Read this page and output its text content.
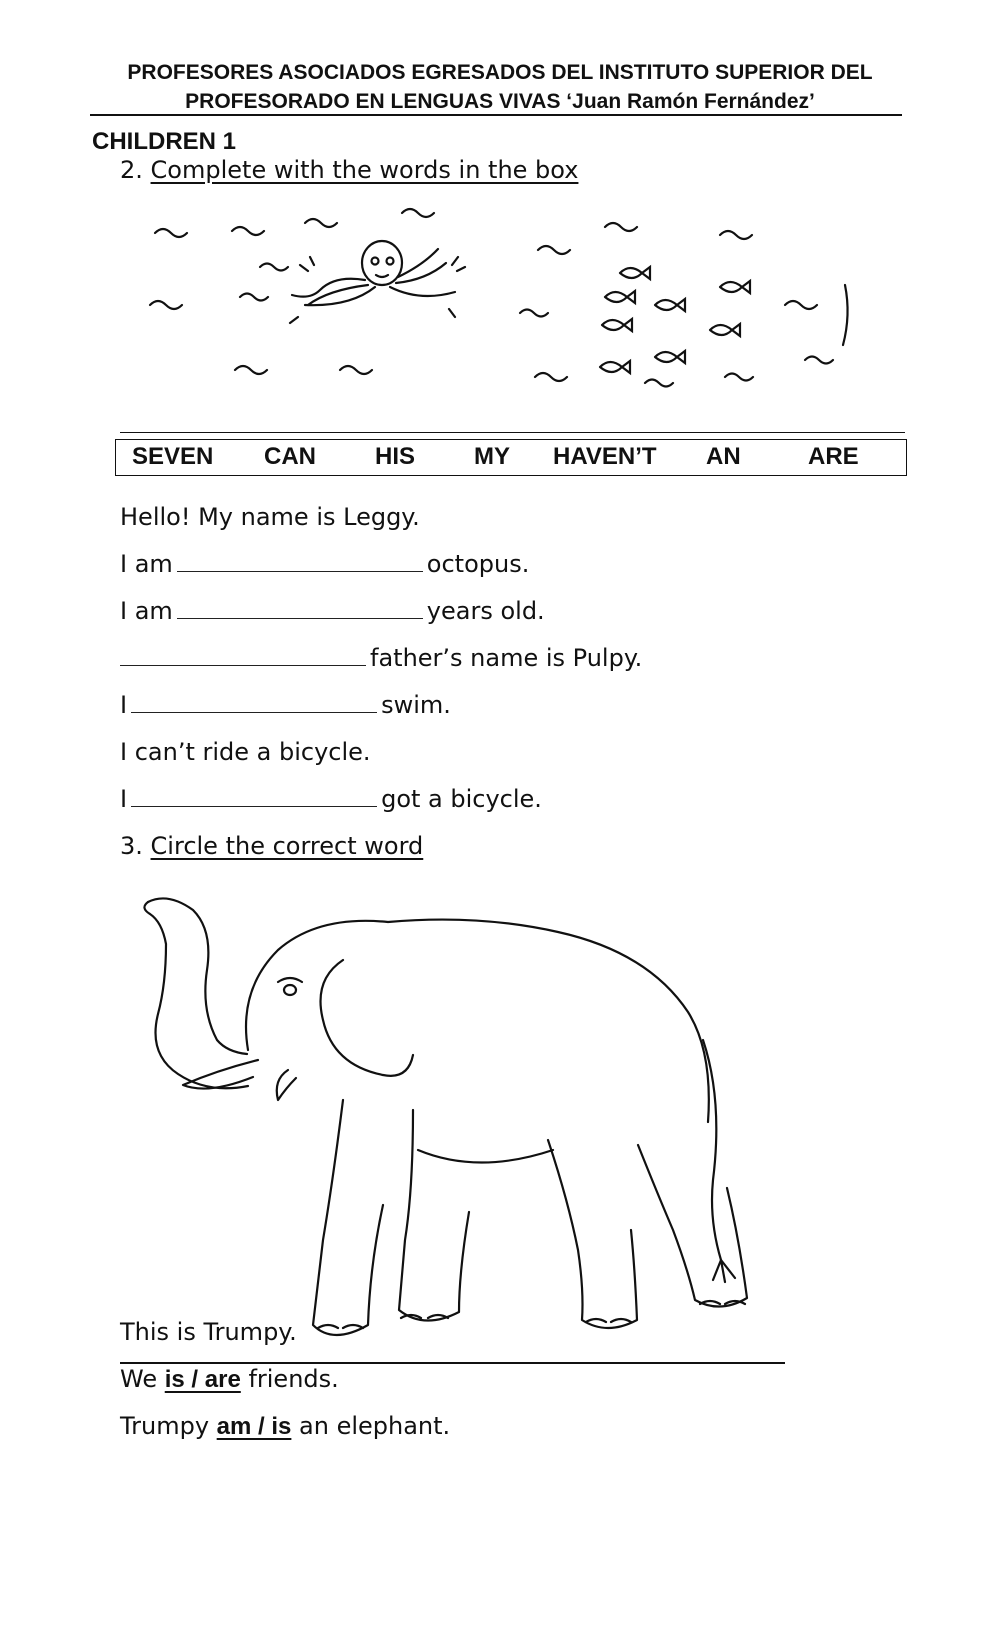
PROFESORES ASOCIADOS EGRESADOS DEL INSTITUTO SUPERIOR DEL
PROFESORADO EN LENGUAS VIVAS ‘Juan Ramón Fernández’
CHILDREN 1
2. Complete with the words in the box
SEVEN CAN HIS MY HAVEN’T AN	ARE
Hello! My name is Leggy.
I am	octopus.
I am	years old.
father’s name is Pulpy.
I	swim.
I can’t ride a bicycle.
I	got a bicycle.
3. Circle the correct word
This is Trumpy.
We is / are friends.
Trumpy am / is an elephant.
